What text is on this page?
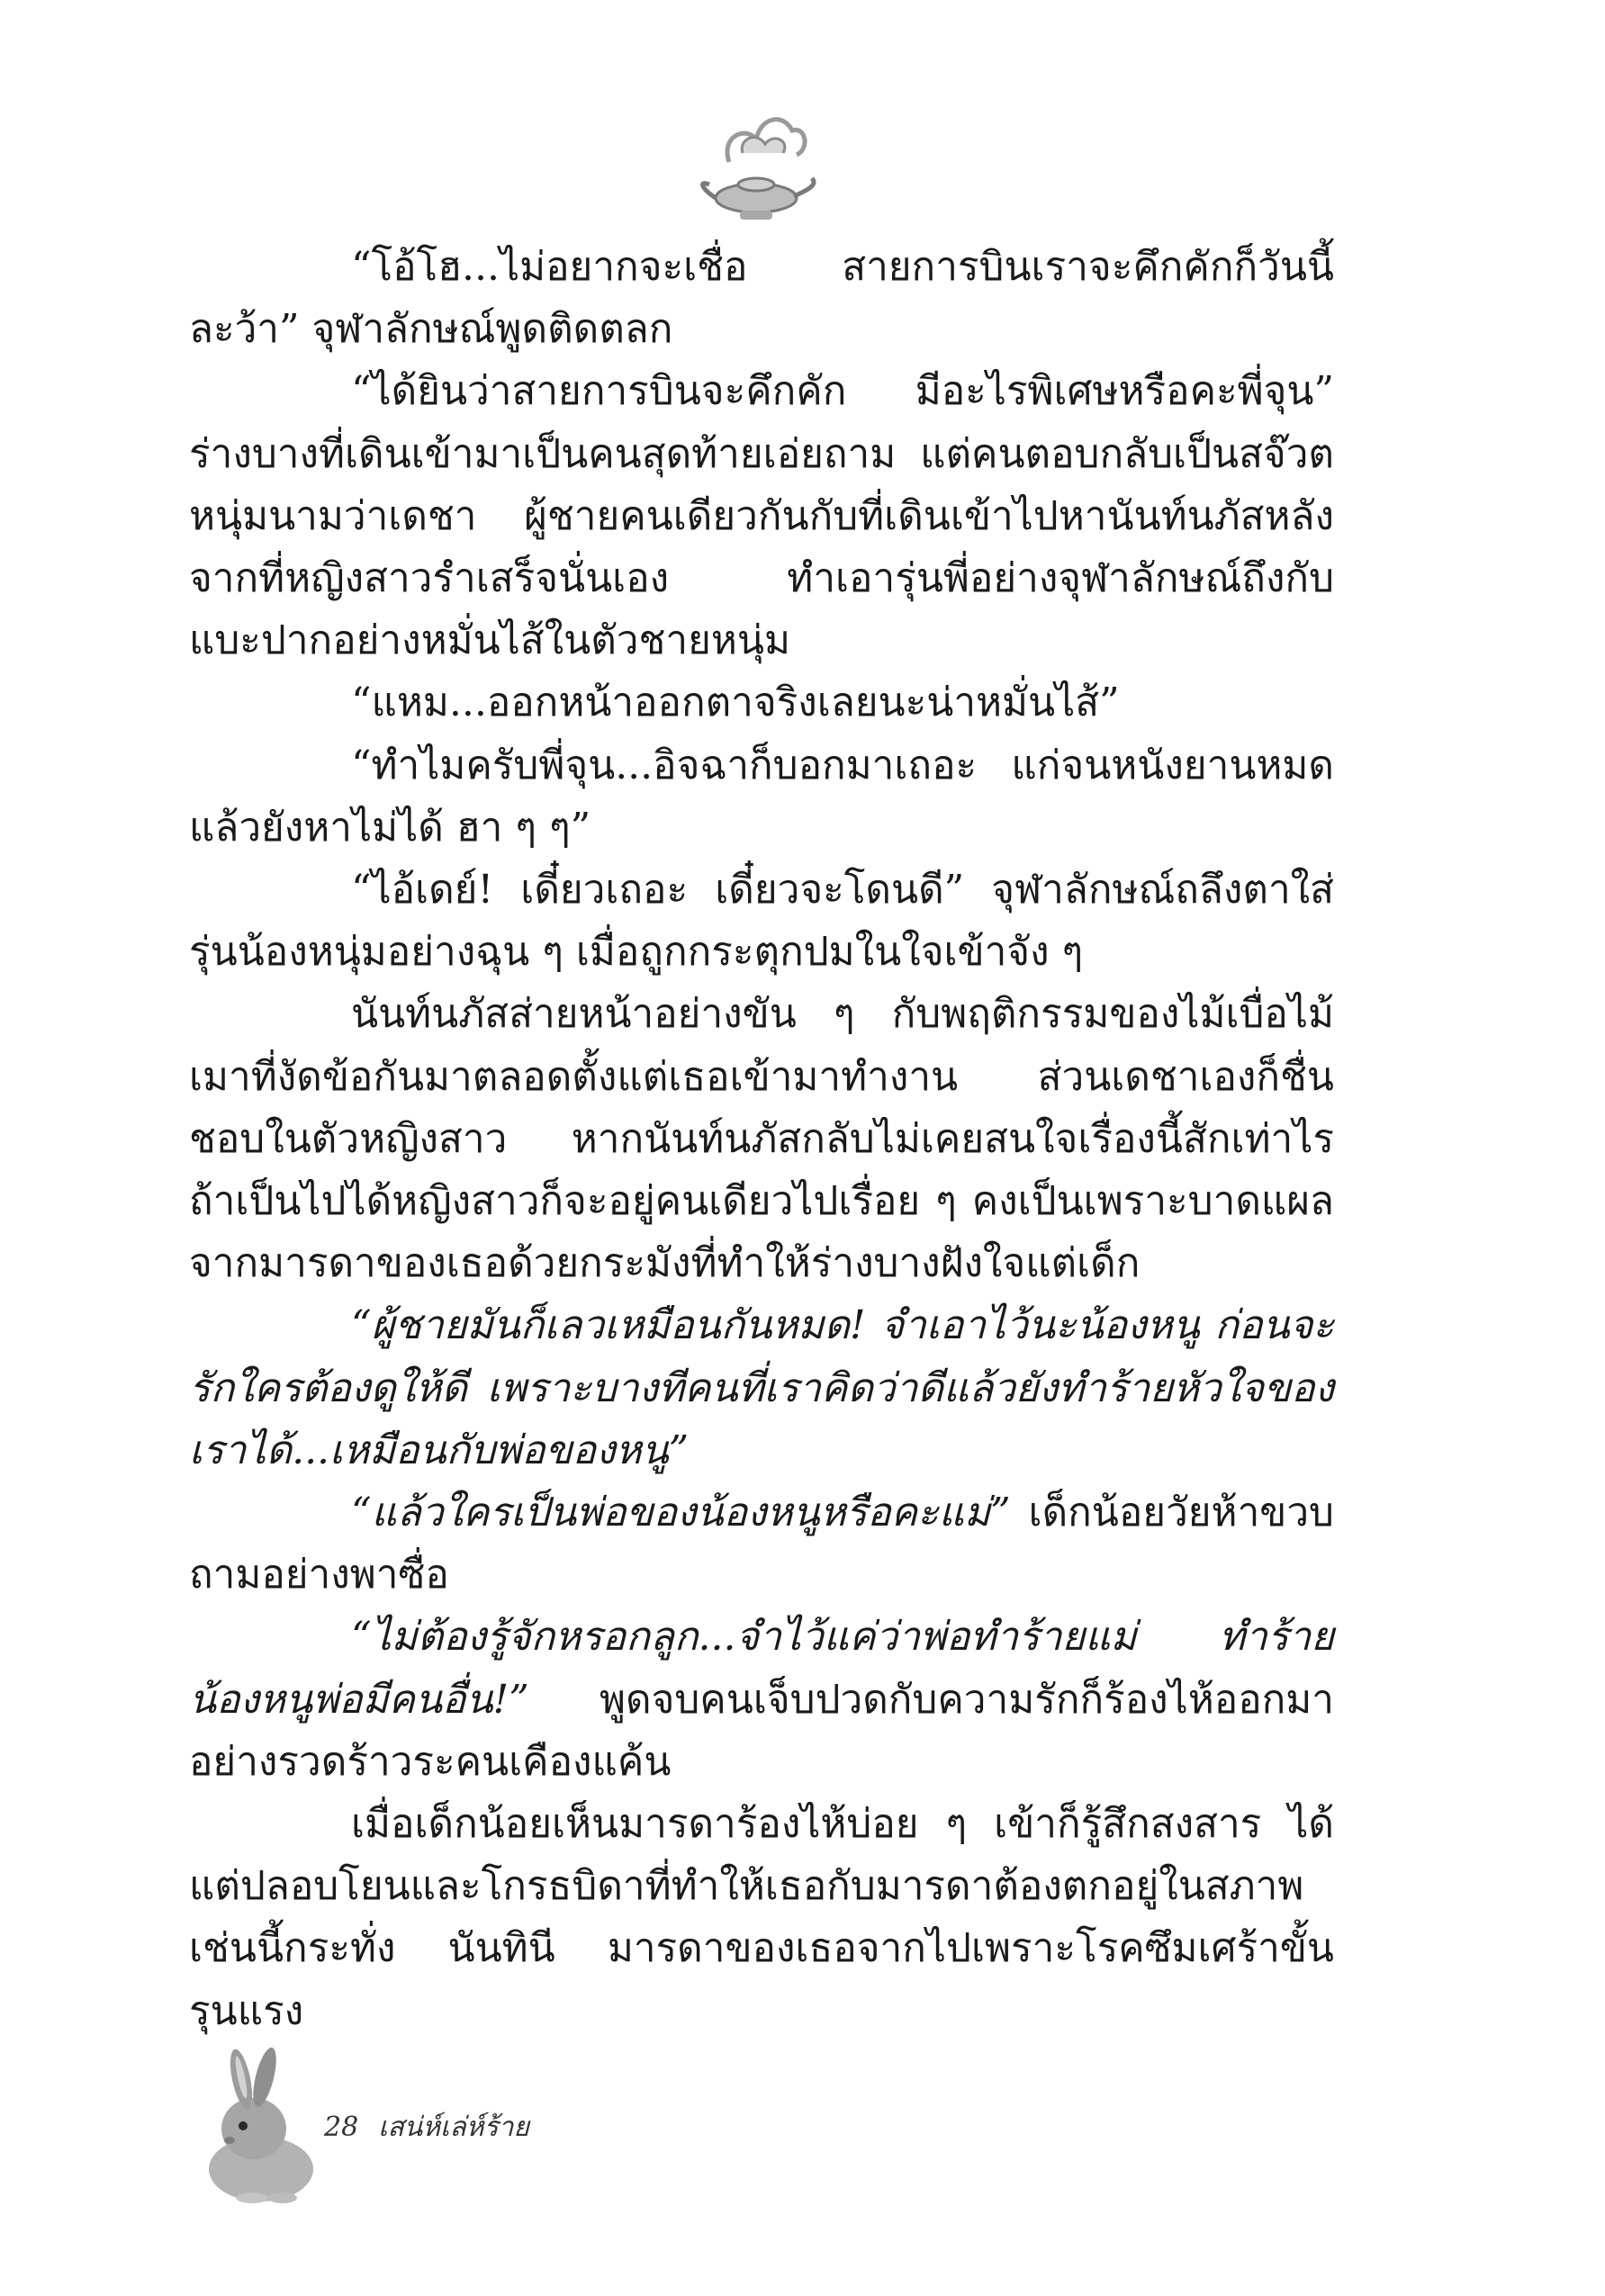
“โอ้โฮ...ไม่อยากจะเชื่อ สายการบินเราจะคึกคักก็วันนี้ละว้า” จุฬาลักษณ์พูดติดตลก

“ได้ยินว่าสายการบินจะคึกคัก มีอะไรพิเศษหรือคะพี่จุน” ร่างบางที่เดินเข้ามาเป็นคนสุดท้ายเอ่ยถาม แต่คนตอบกลับเป็นสจ๊วตหนุ่มนามว่าเดชา ผู้ชายคนเดียวกันกับที่เดินเข้าไปหานันท์นภัสหลังจากที่หญิงสาวรำเสร็จนั่นเอง ทำเอารุ่นพี่อย่างจุฬาลักษณ์ถึงกับแบะปากอย่างหมั่นไส้ในตัวชายหนุ่ม

“แหม...ออกหน้าออกตาจริงเลยนะน่าหมั่นไส้”

“ทำไมครับพี่จุน...อิจฉาก็บอกมาเถอะ แก่จนหนังยานหมดแล้วยังหาไม่ได้ ฮา ๆ ๆ”

“ไอ้เดย์! เดี๋ยวเถอะ เดี๋ยวจะโดนดี” จุฬาลักษณ์ถลึงตาใส่รุ่นน้องหนุ่มอย่างฉุน ๆ เมื่อถูกกระตุกปมในใจเข้าจัง ๆ

นันท์นภัสส่ายหน้าอย่างขัน ๆ กับพฤติกรรมของไม้เบื่อไม้เมาที่งัดข้อกันมาตลอดตั้งแต่เธอเข้ามาทำงาน ส่วนเดชาเองก็ชื่นชอบในตัวหญิงสาว หากนันท์นภัสกลับไม่เคยสนใจเรื่องนี้สักเท่าไร ถ้าเป็นไปได้หญิงสาวก็จะอยู่คนเดียวไปเรื่อย ๆ คงเป็นเพราะบาดแผลจากมารดาของเธอด้วยกระมังที่ทำให้ร่างบางฝังใจแต่เด็ก

“ผู้ชายมันก็เลวเหมือนกันหมด! จำเอาไว้นะน้องหนู ก่อนจะรักใครต้องดูให้ดี เพราะบางทีคนที่เราคิดว่าดีแล้วยังทำร้ายหัวใจของเราได้...เหมือนกับพ่อของหนู”

“แล้วใครเป็นพ่อของน้องหนูหรือคะแม่” เด็กน้อยวัยห้าขวบถามอย่างพาซื่อ

“ไม่ต้องรู้จักหรอกลูก...จำไว้แค่ว่าพ่อทำร้ายแม่ ทำร้ายน้องหนูพ่อมีคนอื่น!” พูดจบคนเจ็บปวดกับความรักก็ร้องไห้ออกมาอย่างรวดร้าวระคนเคืองแค้น

เมื่อเด็กน้อยเห็นมารดาร้องไห้บ่อย ๆ เข้าก็รู้สึกสงสาร ได้แต่ปลอบโยนและโกรธบิดาที่ทำให้เธอกับมารดาต้องตกอยู่ในสภาพเช่นนี้กระทั่ง นันทินี มารดาของเธอจากไปเพราะโรคซึมเศร้าขั้นรุนแรง

28 เสน่ห์เล่ห์ร้าย
